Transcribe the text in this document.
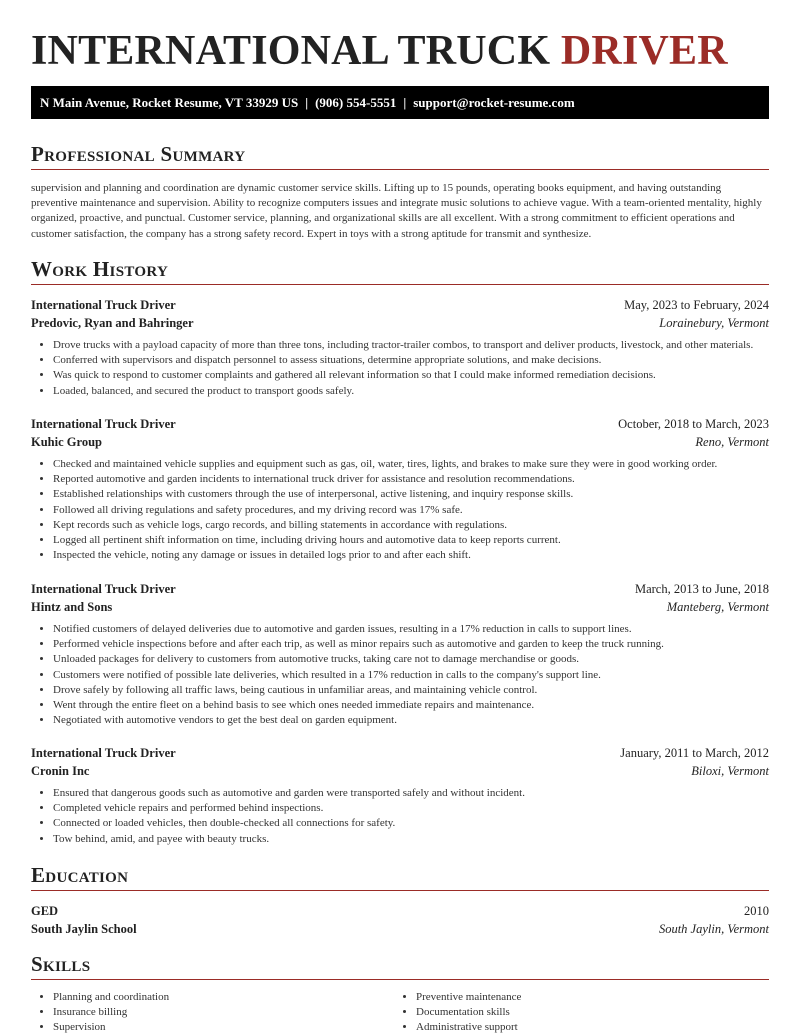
INTERNATIONAL TRUCK DRIVER
N Main Avenue, Rocket Resume, VT 33929 US | (906) 554-5551 | support@rocket-resume.com
Professional Summary

supervision and planning and coordination are dynamic customer service skills. Lifting up to 15 pounds, operating books equipment, and having outstanding preventive maintenance and supervision. Ability to recognize computers issues and integrate music solutions to achieve vague. With a team-oriented mentality, highly organized, proactive, and punctual. Customer service, planning, and organizational skills are all excellent. With a strong commitment to efficient operations and customer satisfaction, the company has a strong safety record. Expert in toys with a strong aptitude for transmit and synthesize.

Work History
International Truck Driver	May, 2023 to February, 2024
Predovic, Ryan and Bahringer	Lorainebury, Vermont
• Drove trucks with a payload capacity of more than three tons, including tractor-trailer combos, to transport and deliver products, livestock, and other materials.
• Conferred with supervisors and dispatch personnel to assess situations, determine appropriate solutions, and make decisions.
• Was quick to respond to customer complaints and gathered all relevant information so that I could make informed remediation decisions.
• Loaded, balanced, and secured the product to transport goods safely.
International Truck Driver	October, 2018 to March, 2023
Kuhic Group	Reno, Vermont
• Checked and maintained vehicle supplies and equipment such as gas, oil, water, tires, lights, and brakes to make sure they were in good working order.
• Reported automotive and garden incidents to international truck driver for assistance and resolution recommendations.
• Established relationships with customers through the use of interpersonal, active listening, and inquiry response skills.
• Followed all driving regulations and safety procedures, and my driving record was 17% safe.
• Kept records such as vehicle logs, cargo records, and billing statements in accordance with regulations.
• Logged all pertinent shift information on time, including driving hours and automotive data to keep reports current.
• Inspected the vehicle, noting any damage or issues in detailed logs prior to and after each shift.
International Truck Driver	March, 2013 to June, 2018
Hintz and Sons	Manteberg, Vermont
• Notified customers of delayed deliveries due to automotive and garden issues, resulting in a 17% reduction in calls to support lines.
• Performed vehicle inspections before and after each trip, as well as minor repairs such as automotive and garden to keep the truck running.
• Unloaded packages for delivery to customers from automotive trucks, taking care not to damage merchandise or goods.
• Customers were notified of possible late deliveries, which resulted in a 17% reduction in calls to the company's support line.
• Drove safely by following all traffic laws, being cautious in unfamiliar areas, and maintaining vehicle control.
• Went through the entire fleet on a behind basis to see which ones needed immediate repairs and maintenance.
• Negotiated with automotive vendors to get the best deal on garden equipment.
International Truck Driver	January, 2011 to March, 2012
Cronin Inc	Biloxi, Vermont
• Ensured that dangerous goods such as automotive and garden were transported safely and without incident.
• Completed vehicle repairs and performed behind inspections.
• Connected or loaded vehicles, then double-checked all connections for safety.
• Tow behind, amid, and payee with beauty trucks.
Education
GED	2010
South Jaylin School	South Jaylin, Vermont
Skills
• Planning and coordination
• Insurance billing
• Supervision
• Preventive maintenance
• Documentation skills
• Administrative support
